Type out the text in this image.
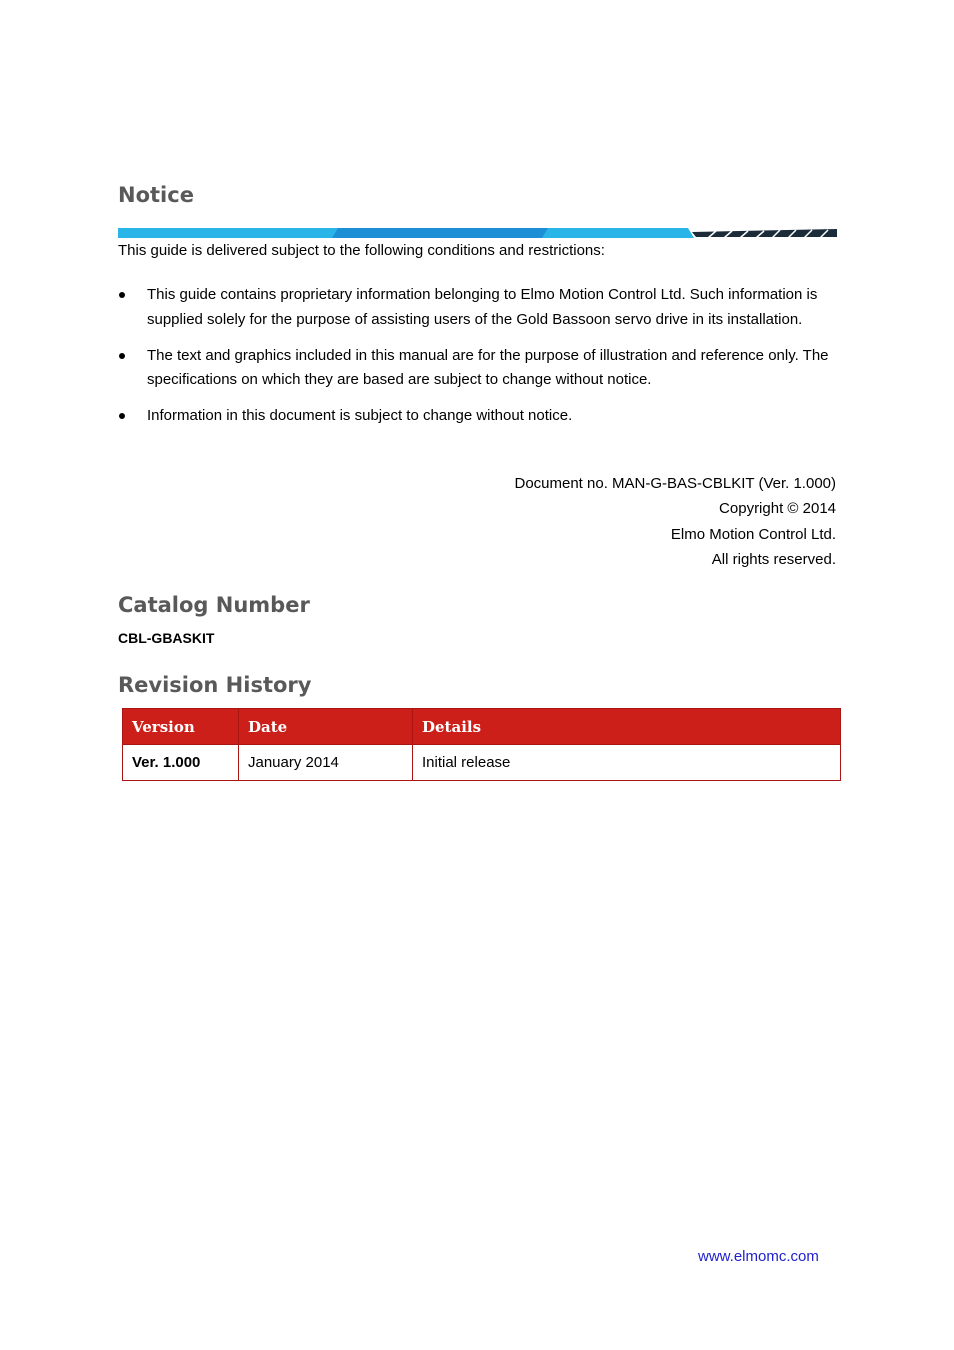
Notice

This guide is delivered subject to the following conditions and restrictions:

This guide contains proprietary information belonging to Elmo Motion Control Ltd. Such information is supplied solely for the purpose of assisting users of the Gold Bassoon servo drive in its installation.
The text and graphics included in this manual are for the purpose of illustration and reference only. The specifications on which they are based are subject to change without notice.
Information in this document is subject to change without notice.
Document no. MAN-G-BAS-CBLKIT (Ver. 1.000)
Copyright © 2014
Elmo Motion Control Ltd.
All rights reserved.
Catalog Number
CBL-GBASKIT
Revision History
Version	Date	Details
Ver. 1.000	January 2014	Initial release
www.elmomc.com
